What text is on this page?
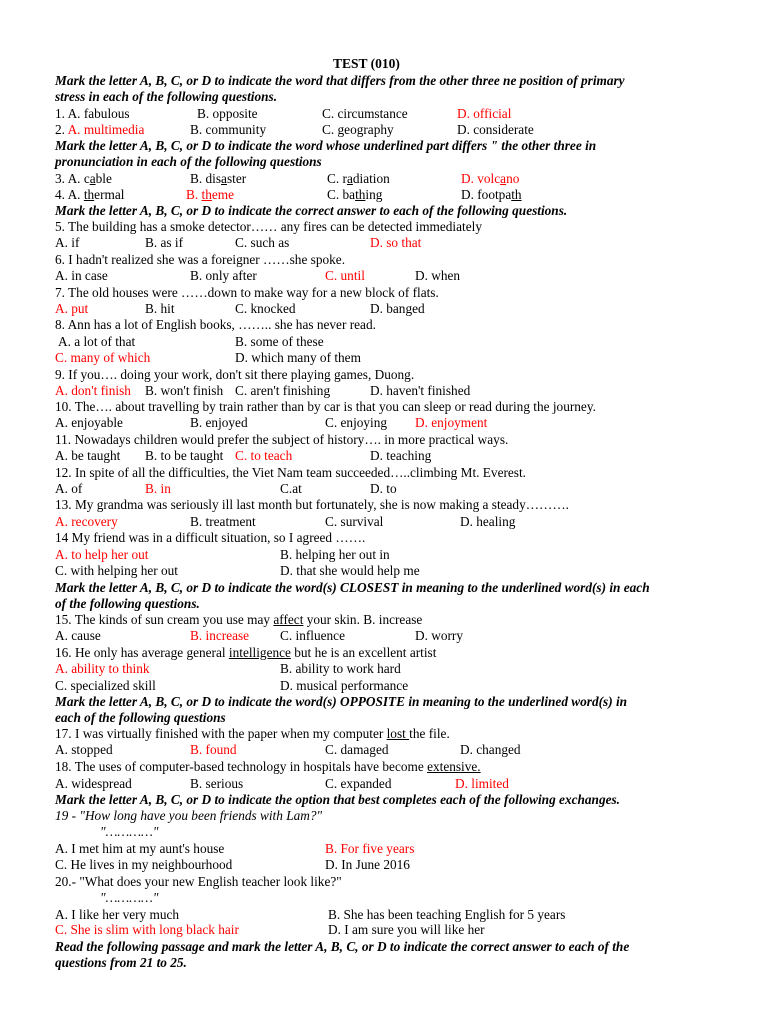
TEST (010)
Mark the letter A, B, C, or D to indicate the word that differs from the other three ne position of primary
stress in each of the following questions.
1. A. fabulous	B. opposite	C. circumstance	D. official
2. A. multimedia	B. community	C. geography	D. considerate
Mark the letter A, B, C, or D to indicate the word whose underlined part differs " the other three in
pronunciation in each of the following questions
3. A. cable	B. disaster	C. radiation	D. volcano
4. A. thermal	B. theme	C. bathing	D. footpath
Mark the letter A, B, C, or D to indicate the correct answer to each of the following questions.
5. The building has a smoke detector…… any fires can be detected immediately
A. if	B. as if	C. such as	D. so that
6. I hadn't realized she was a foreigner ……she spoke.
A. in case	B. only after	C. until	D. when
7. The old houses were ……down to make way for a new block of flats.
A. put	B. hit	C. knocked	D. banged
8. Ann has a lot of English books, …….. she has never read.
A. a lot of that	B. some of these
C. many of which	D. which many of them
9. If you…. doing your work, don't sit there playing games, Duong.
A. don't finish B. won't finish C. aren't finishing	D. haven't finished
10. The…. about travelling by train rather than by car is that you can sleep or read during the journey.
A. enjoyable	B. enjoyed	C. enjoying D. enjoyment
11. Nowadays children would prefer the subject of history…. in more practical ways.
A. be taught B. to be taught C. to teach	D. teaching
12. In spite of all the difficulties, the Viet Nam team succeeded…..climbing Mt. Everest.
A. of	B. in	C.at	D. to
13. My grandma was seriously ill last month but fortunately, she is now making a steady……….
A. recovery	B. treatment	C. survival	D. healing
14 My friend was in a difficult situation, so I agreed …….
A. to help her out	B. helping her out in
C. with helping her out	D. that she would help me
Mark the letter A, B, C, or D to indicate the word(s) CLOSEST in meaning to the underlined word(s) in each
of the following questions.
15. The kinds of sun cream you use may affect your skin. B. increase
A. cause	B. increase C. influence	D. worry
16. He only has average general intelligence but he is an excellent artist
A. ability to think	B. ability to work hard
C. specialized skill	D. musical performance
Mark the letter A, B, C, or D to indicate the word(s) OPPOSITE in meaning to the underlined word(s) in
each of the following questions
17. I was virtually finished with the paper when my computer lost the file.
A. stopped	B. found	C. damaged	D. changed
18. The uses of computer-based technology in hospitals have become extensive.
A. widespread	B. serious	C. expanded	D. limited
Mark the letter A, B, C, or D to indicate the option that best completes each of the following exchanges.
19 - "How long have you been friends with Lam?"
"…………"
A. I met him at my aunt's house	B. For five years
C. He lives in my neighbourhood	D. In June 2016
20.- "What does your new English teacher look like?"
"…………"
A. I like her very much	B. She has been teaching English for 5 years
C. She is slim with long black hair	D. I am sure you will like her
Read the following passage and mark the letter A, B, C, or D to indicate the correct answer to each of the
questions from 21 to 25.
